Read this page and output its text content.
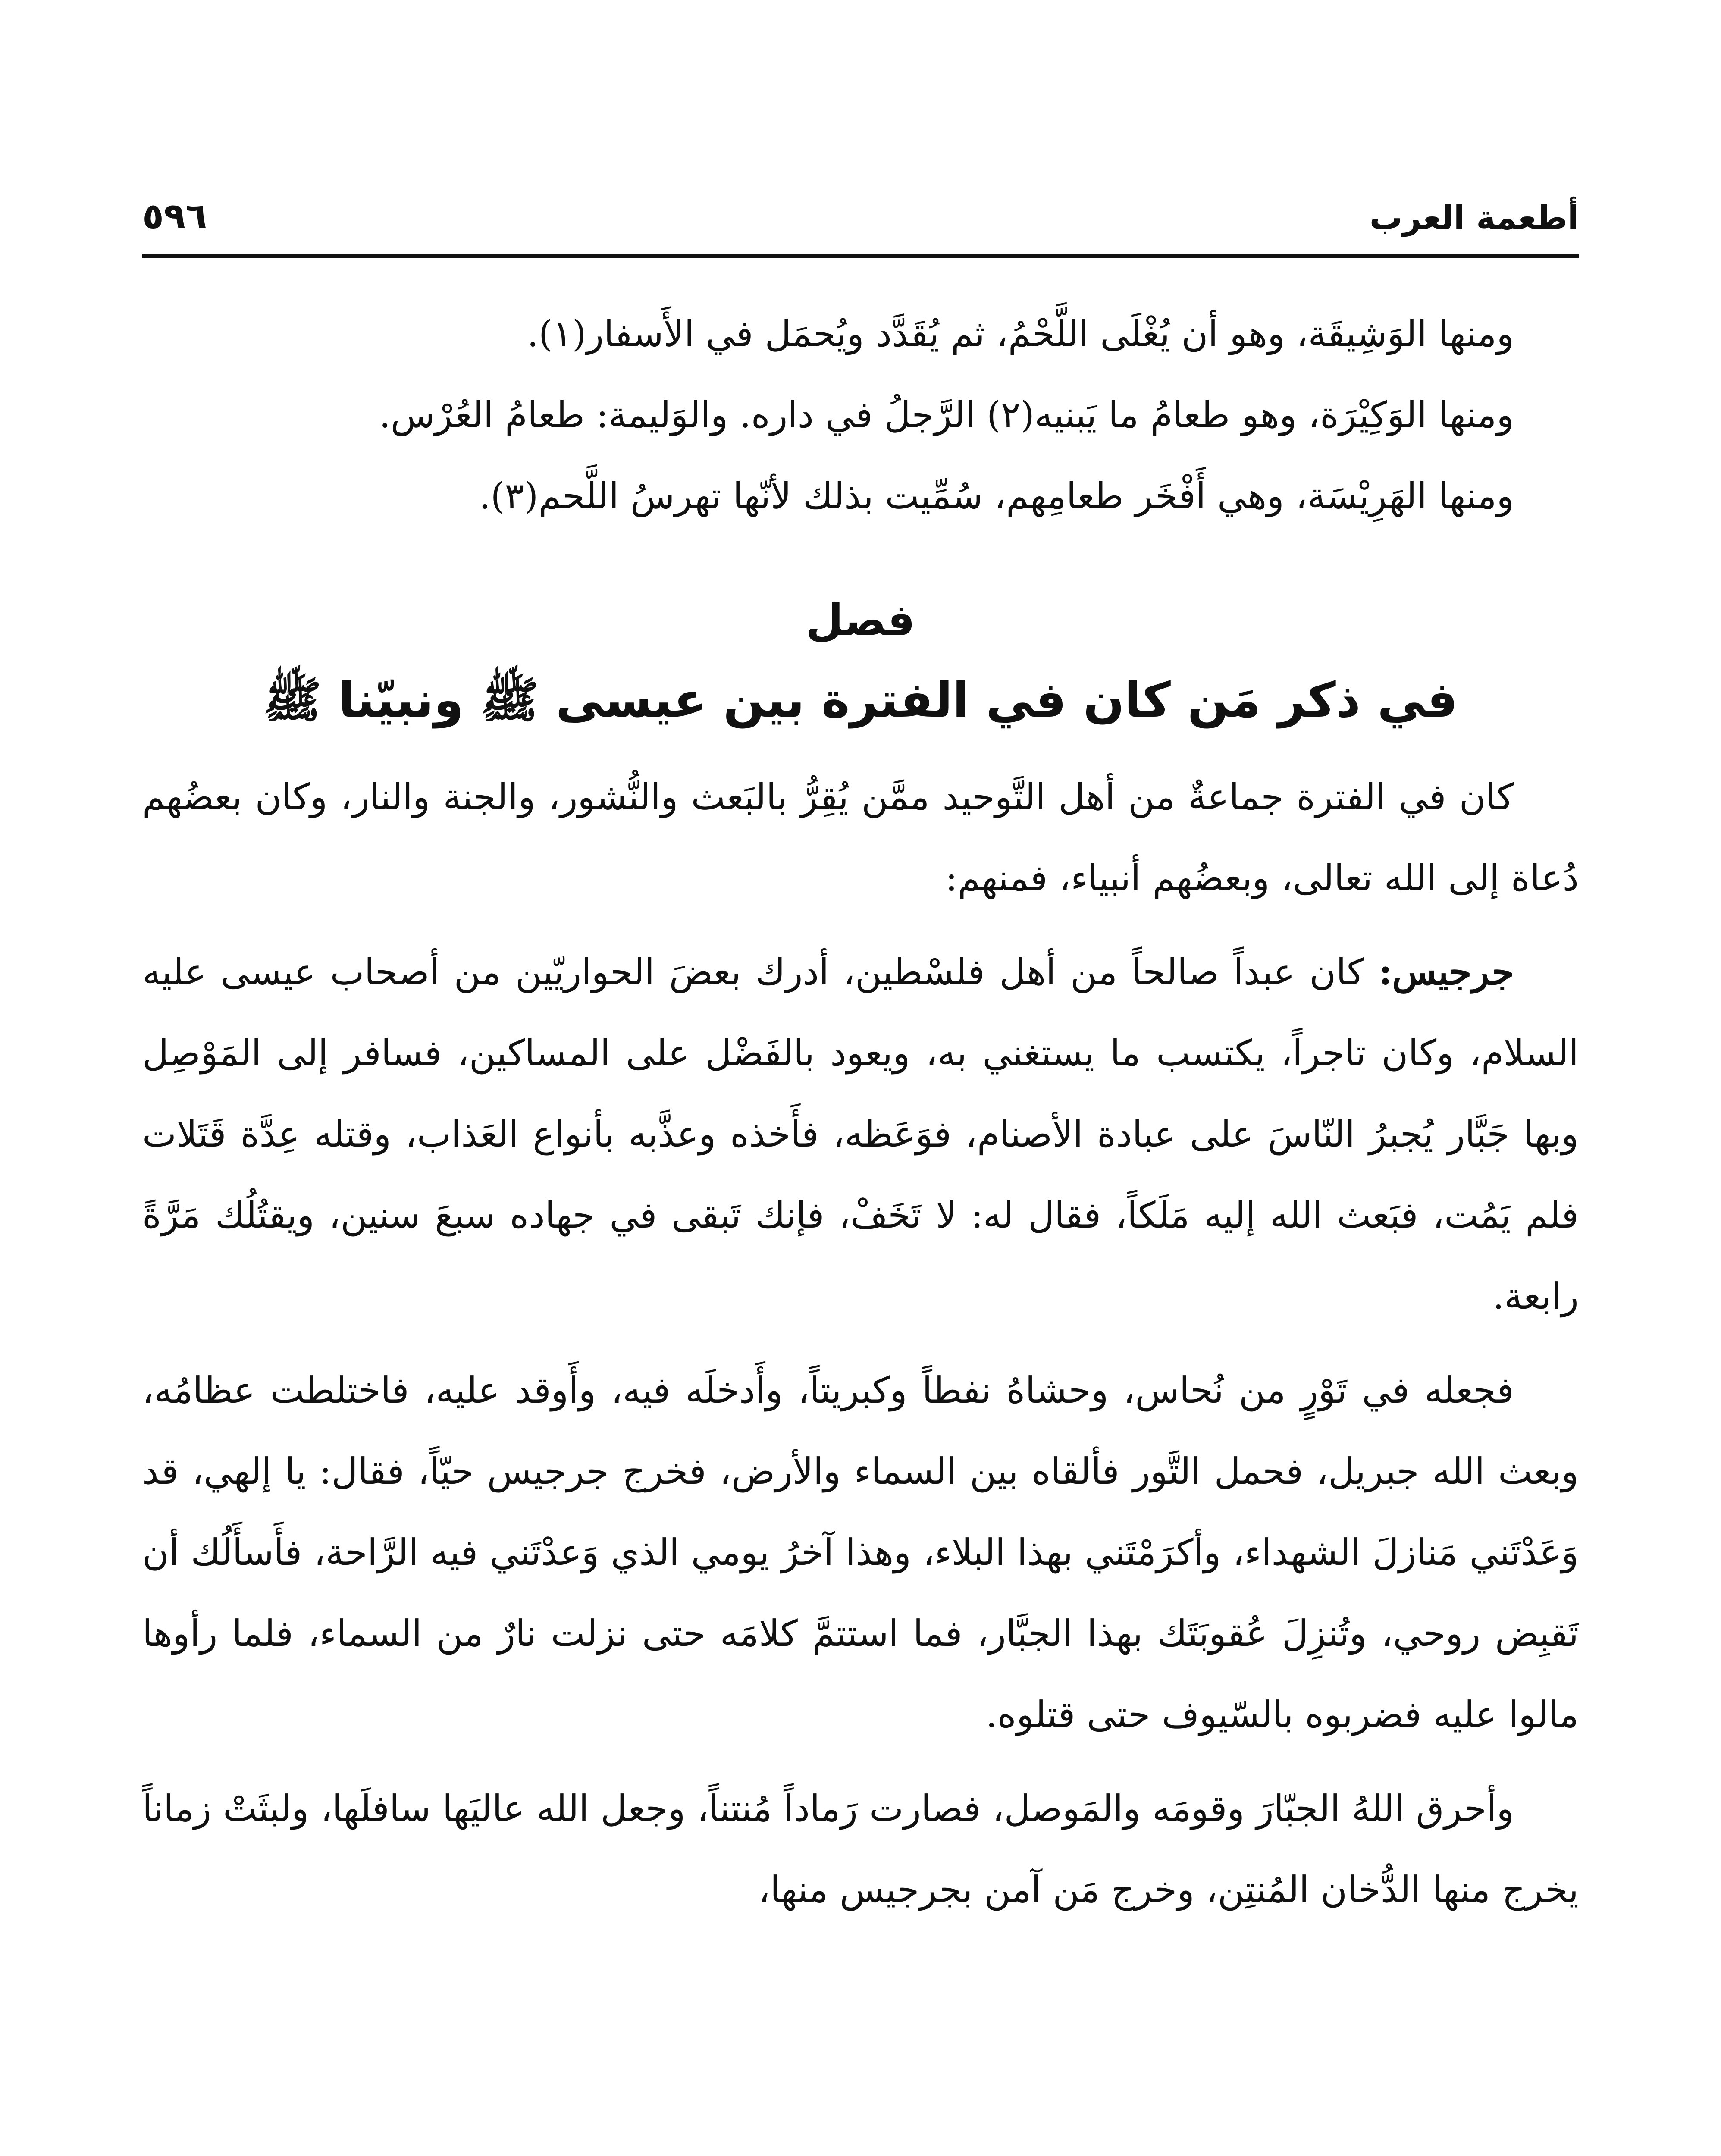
أطعمة العرب
٥٩٦

ومنها الوَشِيقَة، وهو أن يُغْلَى اللَّحْمُ، ثم يُقَدَّد ويُحمَل في الأَسفار(١).

ومنها الوَكِيْرَة، وهو طعامُ ما يَبنيه(٢) الرَّجلُ في داره. والوَليمة: طعامُ العُرْس.

ومنها الهَرِيْسَة، وهي أَفْخَر طعامِهم، سُمِّيت بذلك لأنّها تهرسُ اللَّحم(٣).

فصل

في ذكر مَن كان في الفترة بين عيسى ﷺ ونبيّنا ﷺ

كان في الفترة جماعةٌ من أهل التَّوحيد ممَّن يُقِرُّ بالبَعث والنُّشور، والجنة والنار، وكان بعضُهم دُعاة إلى الله تعالى، وبعضُهم أنبياء، فمنهم:

جرجيس: كان عبداً صالحاً من أهل فلسْطين، أدرك بعضَ الحواريّين من أصحاب عيسى عليه السلام، وكان تاجراً، يكتسب ما يستغني به، ويعود بالفَضْل على المساكين، فسافر إلى المَوْصِل وبها جَبَّار يُجبرُ النّاسَ على عبادة الأصنام، فوَعَظه، فأَخذه وعذَّبه بأنواع العَذاب، وقتله عِدَّة قَتَلات فلم يَمُت، فبَعث الله إليه مَلَكاً، فقال له: لا تَخَفْ، فإنك تَبقى في جهاده سبعَ سنين، ويقتُلُك مَرَّةً رابعة.

فجعله في تَوْرٍ من نُحاس، وحشاهُ نفطاً وكبريتاً، وأَدخلَه فيه، وأَوقد عليه، فاختلطت عظامُه، وبعث الله جبريل، فحمل التَّور فألقاه بين السماء والأرض، فخرج جرجيس حيّاً، فقال: يا إلهي، قد وَعَدْتَني مَنازلَ الشهداء، وأكرَمْتَني بهذا البلاء، وهذا آخرُ يومي الذي وَعدْتَني فيه الرَّاحة، فأَسأَلُك أن تَقبِض روحي، وتُنزِلَ عُقوبَتَك بهذا الجبَّار، فما استتمَّ كلامَه حتى نزلت نارٌ من السماء، فلما رأوها مالوا عليه فضربوه بالسّيوف حتى قتلوه.

وأحرق اللهُ الجبّارَ وقومَه والمَوصل، فصارت رَماداً مُنتناً، وجعل الله عاليَها سافلَها، ولبثَتْ زماناً يخرج منها الدُّخان المُنتِن، وخرج مَن آمن بجرجيس منها،
